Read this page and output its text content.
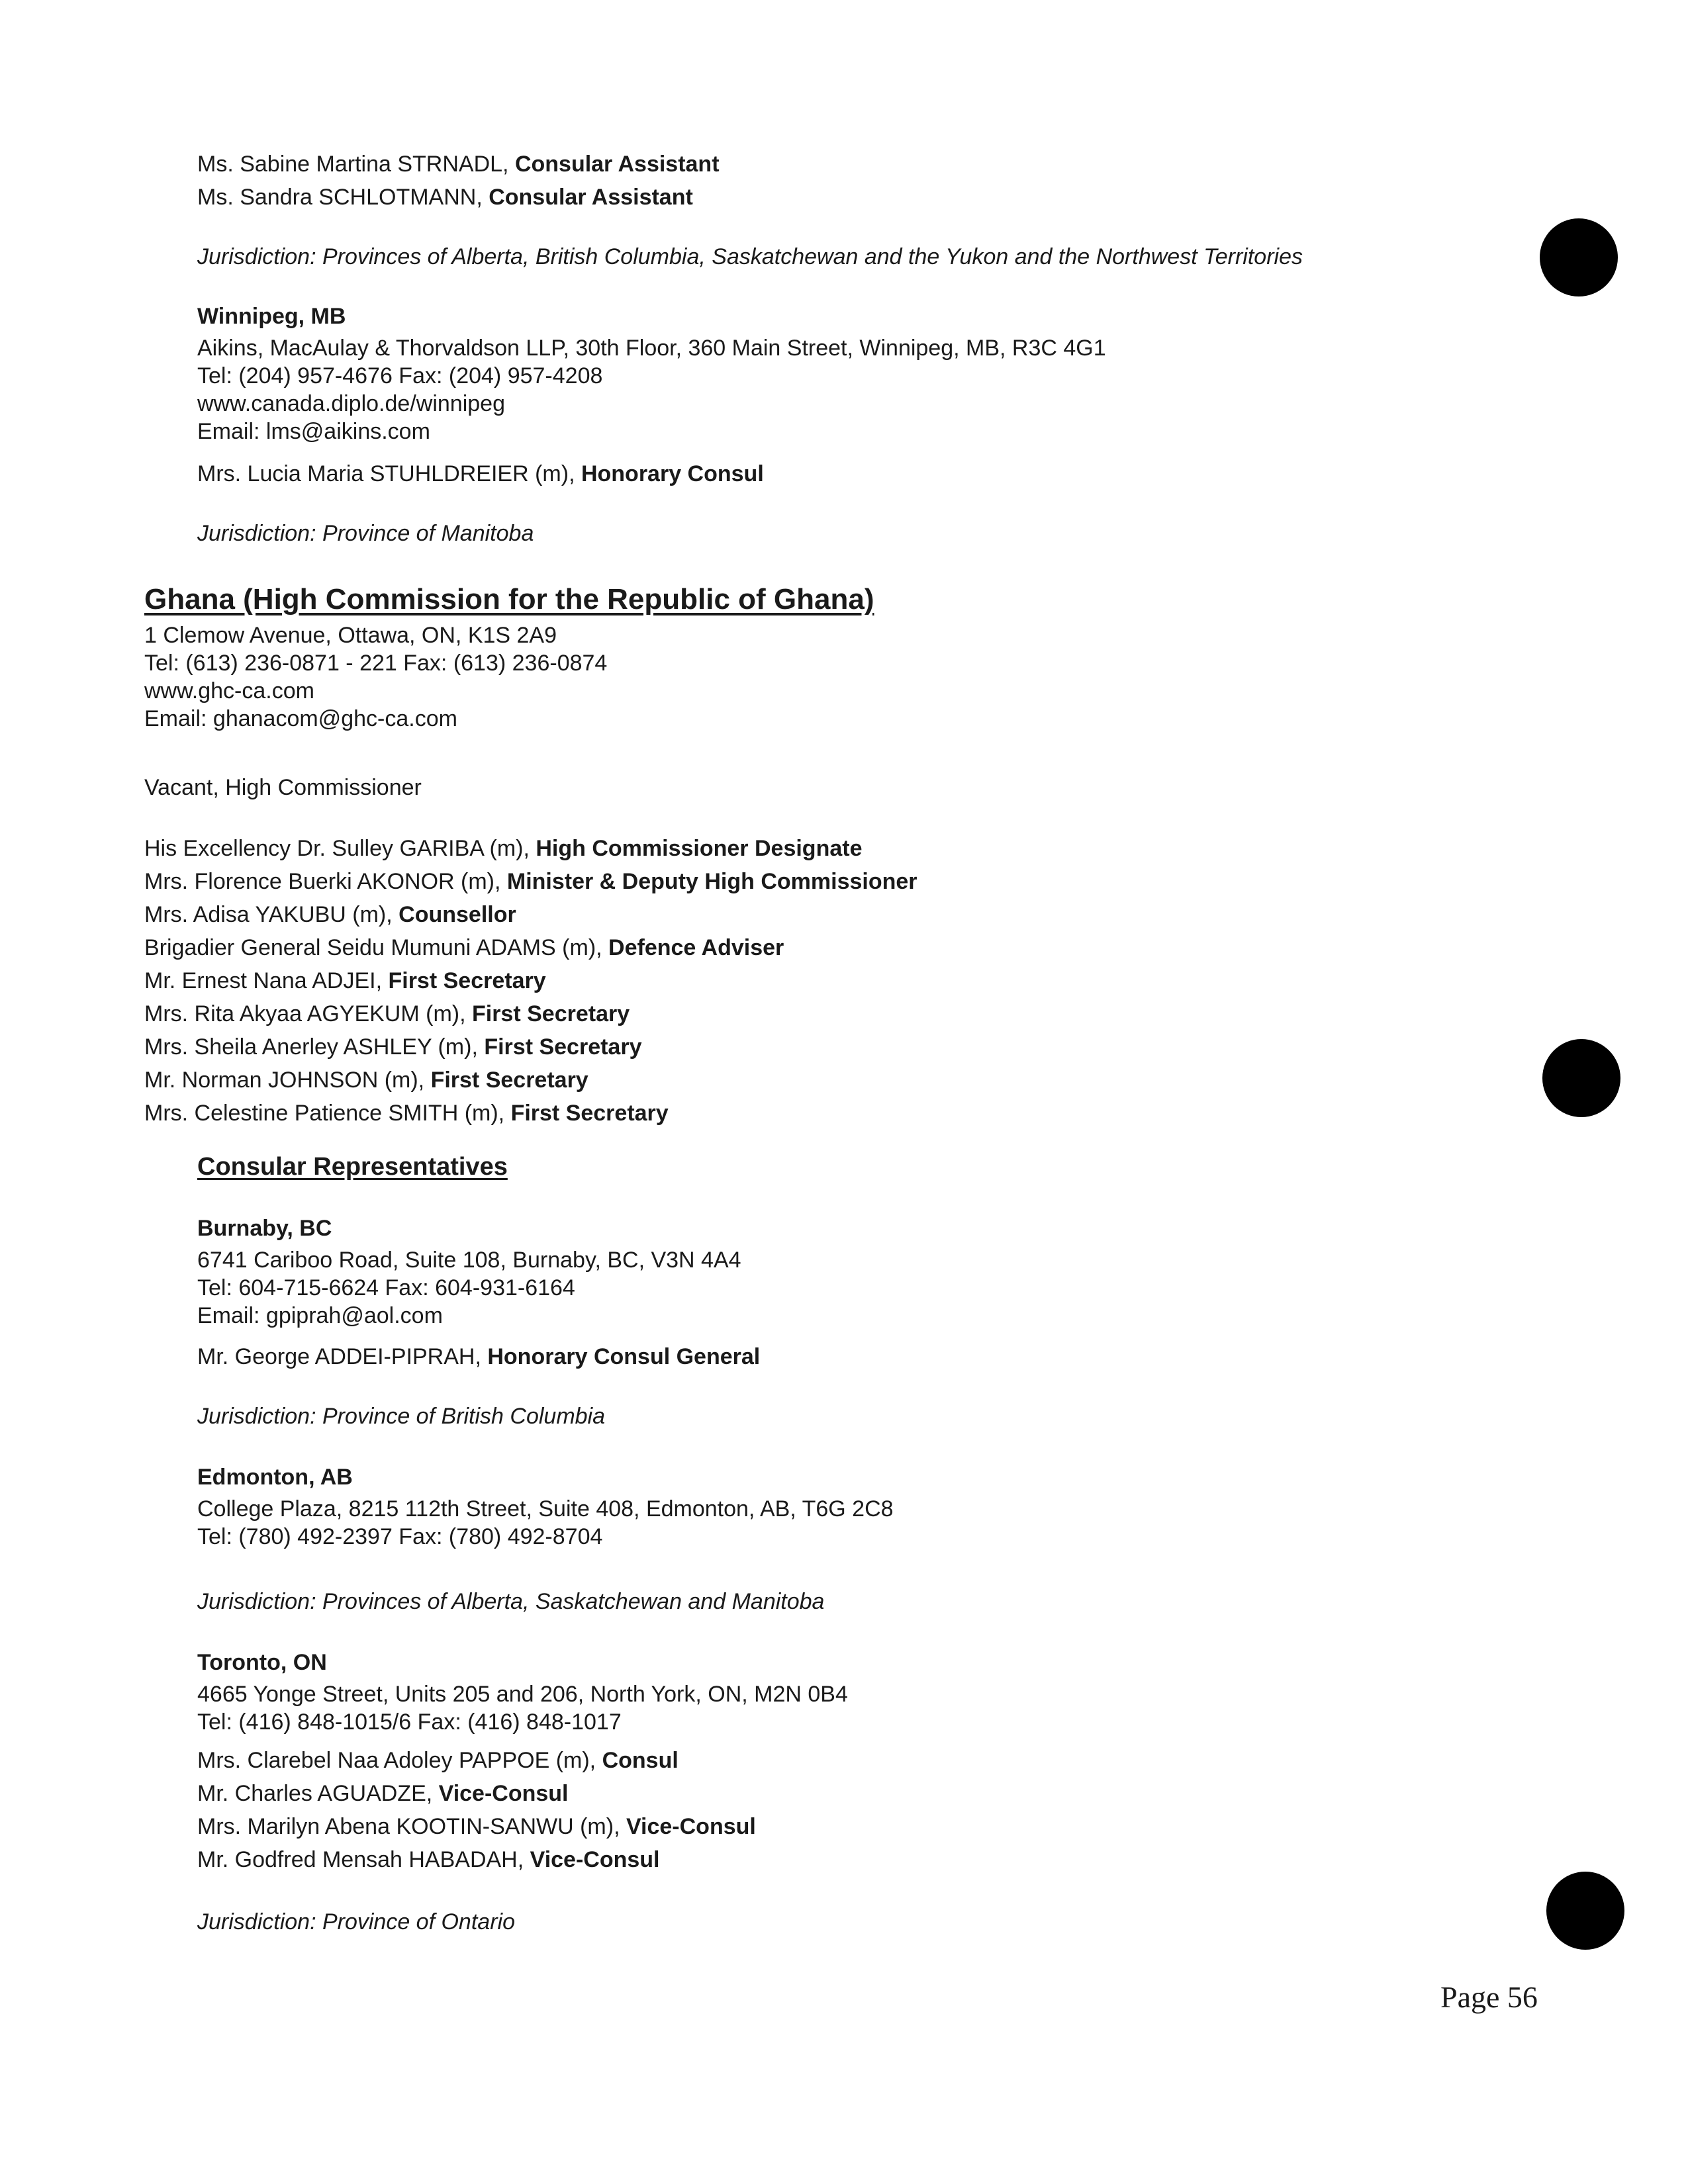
Ms. Sabine Martina STRNADL, Consular Assistant
Ms. Sandra SCHLOTMANN, Consular Assistant
Jurisdiction: Provinces of Alberta, British Columbia, Saskatchewan and the Yukon and the Northwest Territories
Winnipeg, MB
Aikins, MacAulay & Thorvaldson LLP, 30th Floor, 360 Main Street, Winnipeg, MB, R3C 4G1
Tel: (204) 957-4676 Fax: (204) 957-4208
www.canada.diplo.de/winnipeg
Email: lms@aikins.com
Mrs. Lucia Maria STUHLDREIER (m), Honorary Consul
Jurisdiction: Province of Manitoba
Ghana (High Commission for the Republic of Ghana)
1 Clemow Avenue, Ottawa, ON, K1S 2A9
Tel: (613) 236-0871 - 221 Fax: (613) 236-0874
www.ghc-ca.com
Email: ghanacom@ghc-ca.com
Vacant, High Commissioner
His Excellency Dr. Sulley GARIBA (m), High Commissioner Designate
Mrs. Florence Buerki AKONOR (m), Minister & Deputy High Commissioner
Mrs. Adisa YAKUBU (m), Counsellor
Brigadier General Seidu Mumuni ADAMS (m), Defence Adviser
Mr. Ernest Nana ADJEI, First Secretary
Mrs. Rita Akyaa AGYEKUM (m), First Secretary
Mrs. Sheila Anerley ASHLEY (m), First Secretary
Mr. Norman JOHNSON (m), First Secretary
Mrs. Celestine Patience SMITH (m), First Secretary
Consular Representatives
Burnaby, BC
6741 Cariboo Road, Suite 108, Burnaby, BC, V3N 4A4
Tel: 604-715-6624 Fax: 604-931-6164
Email: gpiprah@aol.com
Mr. George ADDEI-PIPRAH, Honorary Consul General
Jurisdiction: Province of British Columbia
Edmonton, AB
College Plaza, 8215 112th Street, Suite 408, Edmonton, AB, T6G 2C8
Tel: (780) 492-2397 Fax: (780) 492-8704
Jurisdiction: Provinces of Alberta, Saskatchewan and Manitoba
Toronto, ON
4665 Yonge Street, Units 205 and 206, North York, ON, M2N 0B4
Tel: (416) 848-1015/6 Fax: (416) 848-1017
Mrs. Clarebel Naa Adoley PAPPOE (m), Consul
Mr. Charles AGUADZE, Vice-Consul
Mrs. Marilyn Abena KOOTIN-SANWU (m), Vice-Consul
Mr. Godfred Mensah HABADAH, Vice-Consul
Jurisdiction: Province of Ontario
Page 56
